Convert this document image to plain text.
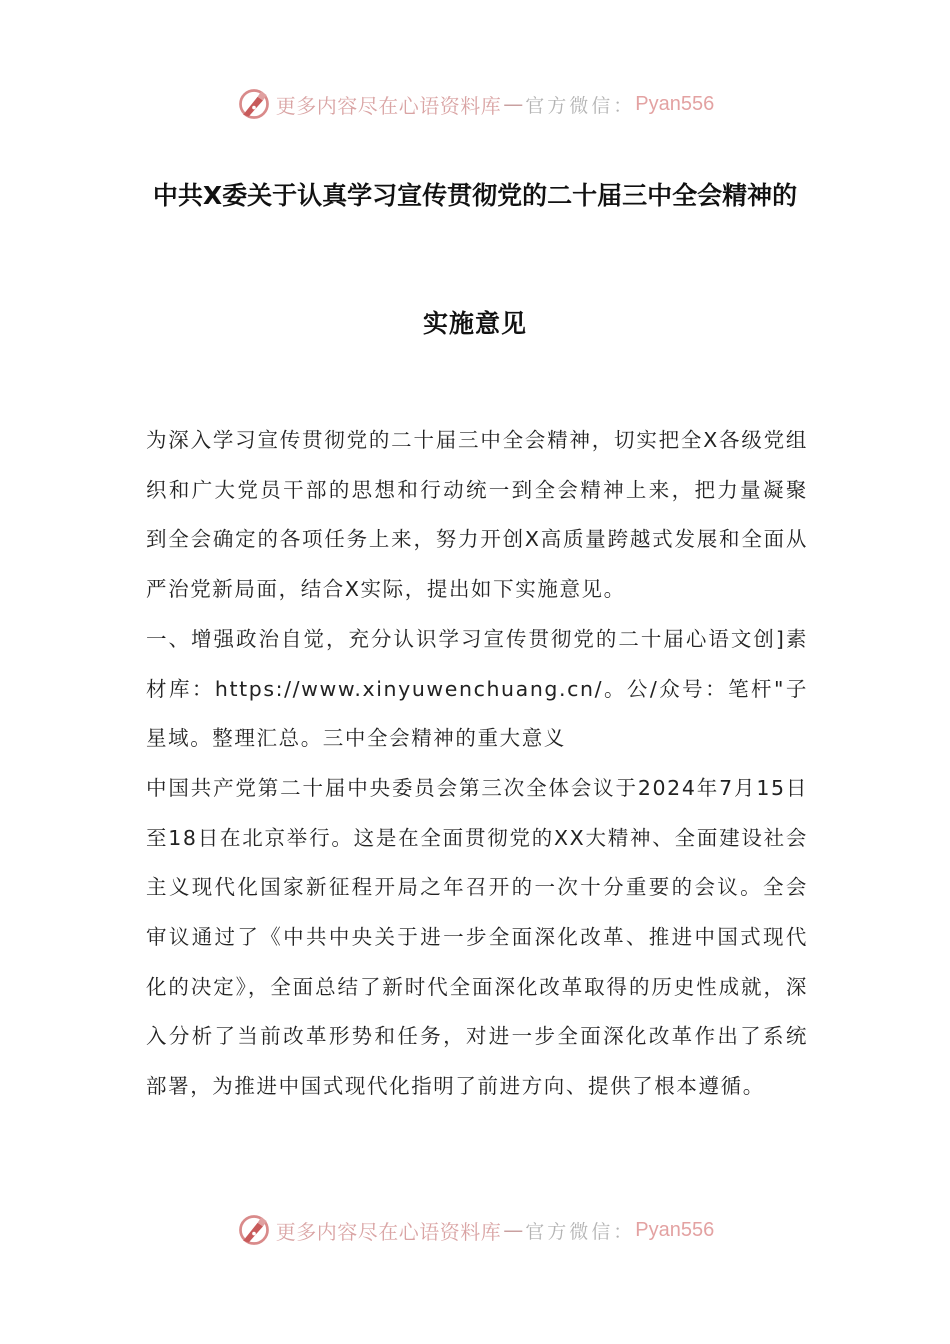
更多内容尽在心语资料库 — 官方微信： Pyan556
中共X委关于认真学习宣传贯彻党的二十届三中全会精神的
实施意见

为深入学习宣传贯彻党的二十届三中全会精神，切实把全X各级党组织和广大党员干部的思想和行动统一到全会精神上来，把力量凝聚到全会确定的各项任务上来，努力开创X高质量跨越式发展和全面从严治党新局面，结合X实际，提出如下实施意见。

一、增强政治自觉，充分认识学习宣传贯彻党的二十届心语文创]素材库：https://www.xinyuwenchuang.cn/。公/众号：笔杆"子星域。整理汇总。三中全会精神的重大意义

中国共产党第二十届中央委员会第三次全体会议于2024年7月15日至18日在北京举行。这是在全面贯彻党的XX大精神、全面建设社会主义现代化国家新征程开局之年召开的一次十分重要的会议。全会审议通过了《中共中央关于进一步全面深化改革、推进中国式现代化的决定》，全面总结了新时代全面深化改革取得的历史性成就，深入分析了当前改革形势和任务，对进一步全面深化改革作出了系统部署，为推进中国式现代化指明了前进方向、提供了根本遵循。

更多内容尽在心语资料库 — 官方微信： Pyan556
